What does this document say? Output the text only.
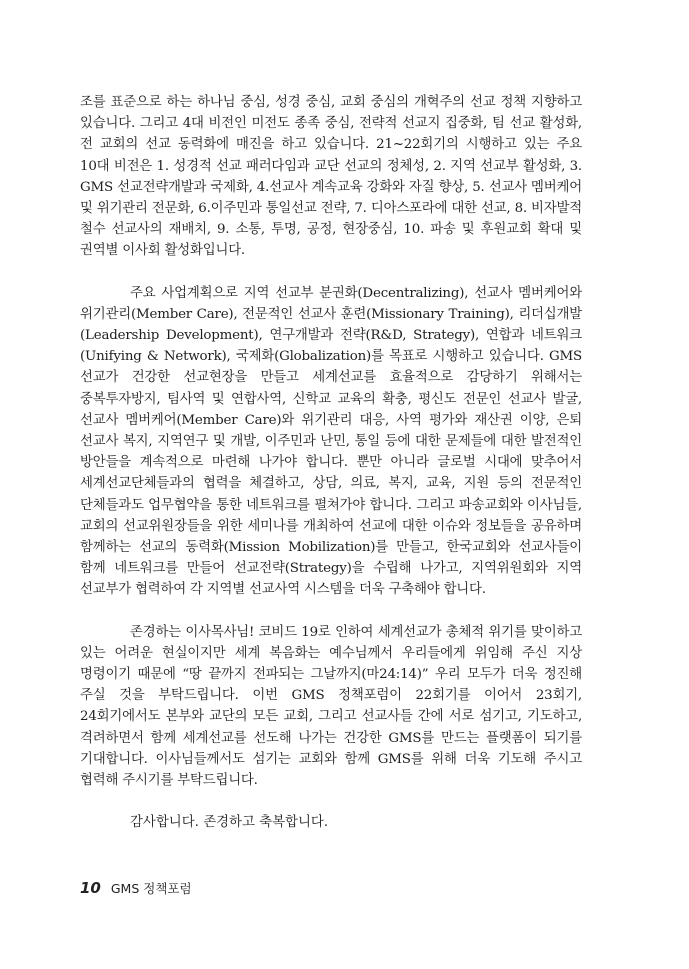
조를 표준으로 하는 하나님 중심, 성경 중심, 교회 중심의 개혁주의 선교 정책 지향하고 있습니다. 그리고 4대 비전인 미전도 종족 중심, 전략적 선교지 집중화, 팀 선교 활성화, 전 교회의 선교 동력화에 매진을 하고 있습니다. 21~22회기의 시행하고 있는 주요 10대 비전은 1. 성경적 선교 패러다임과 교단 선교의 정체성, 2. 지역 선교부 활성화, 3. GMS 선교전략개발과 국제화, 4.선교사 계속교육 강화와 자질 향상, 5. 선교사 멤버케어 및 위기관리 전문화, 6.이주민과 통일선교 전략, 7. 디아스포라에 대한 선교, 8. 비자발적 철수 선교사의 재배치, 9. 소통, 투명, 공정, 현장중심, 10. 파송 및 후원교회 확대 및 권역별 이사회 활성화입니다.

주요 사업계획으로 지역 선교부 분권화(Decentralizing), 선교사 멤버케어와 위기관리(Member Care), 전문적인 선교사 훈련(Missionary Training), 리더십개발(Leadership Development), 연구개발과 전략(R&D, Strategy), 연합과 네트워크(Unifying & Network), 국제화(Globalization)를 목표로 시행하고 있습니다. GMS 선교가 건강한 선교현장을 만들고 세계선교를 효율적으로 감당하기 위해서는 중복투자방지, 팀사역 및 연합사역, 신학교 교육의 확충, 평신도 전문인 선교사 발굴, 선교사 멤버케어(Member Care)와 위기관리 대응, 사역 평가와 재산권 이양, 은퇴 선교사 복지, 지역연구 및 개발, 이주민과 난민, 통일 등에 대한 문제들에 대한 발전적인 방안들을 계속적으로 마련해 나가야 합니다. 뿐만 아니라 글로벌 시대에 맞추어서 세계선교단체들과의 협력을 체결하고, 상담, 의료, 복지, 교육, 지원 등의 전문적인 단체들과도 업무협약을 통한 네트워크를 펼쳐가야 합니다. 그리고 파송교회와 이사님들, 교회의 선교위원장들을 위한 세미나를 개최하여 선교에 대한 이슈와 정보들을 공유하며 함께하는 선교의 동력화(Mission Mobilization)를 만들고, 한국교회와 선교사들이 함께 네트워크를 만들어 선교전략(Strategy)을 수립해 나가고, 지역위원회와 지역 선교부가 협력하여 각 지역별 선교사역 시스템을 더욱 구축해야 합니다.

존경하는 이사목사님! 코비드 19로 인하여 세계선교가 총체적 위기를 맞이하고 있는 어려운 현실이지만 세계 복음화는 예수님께서 우리들에게 위임해 주신 지상 명령이기 때문에 “땅 끝까지 전파되는 그날까지(마24:14)” 우리 모두가 더욱 정진해 주실 것을 부탁드립니다. 이번 GMS 정책포럼이 22회기를 이어서 23회기, 24회기에서도 본부와 교단의 모든 교회, 그리고 선교사들 간에 서로 섬기고, 기도하고, 격려하면서 함께 세계선교를 선도해 나가는 건강한 GMS를 만드는 플랫폼이 되기를 기대합니다. 이사님들께서도 섬기는 교회와 함께 GMS를 위해 더욱 기도해 주시고 협력해 주시기를 부탁드립니다.

감사합니다. 존경하고 축복합니다.

10 GMS 정책포럼
